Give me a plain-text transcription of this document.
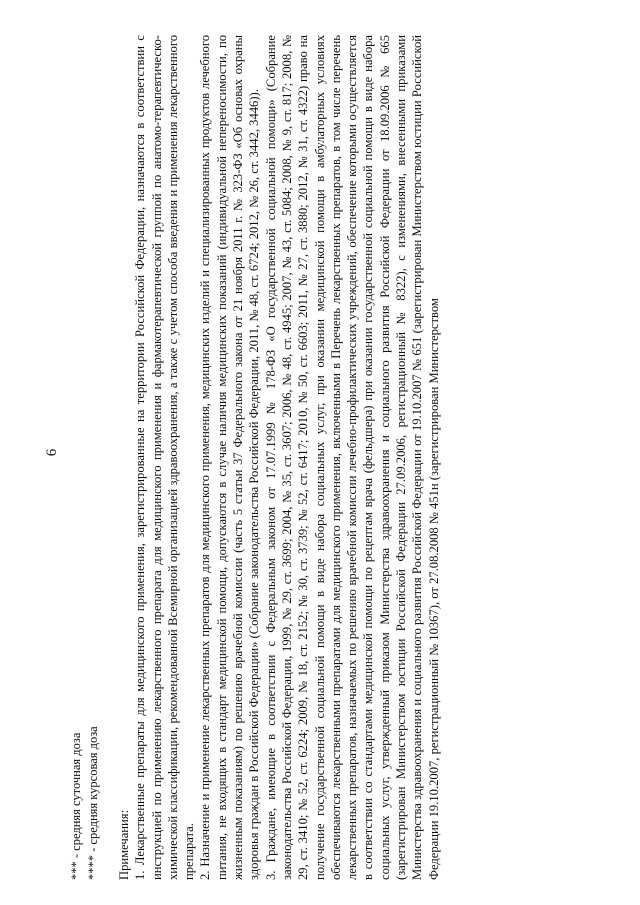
6
*** - средняя суточная доза
**** - средняя курсовая доза Примечания: 1. Лекарственные препараты для медицинского применения, зарегистрированные на территории Российской Федерации, назначаются в соответствии с инструкцией по применению лекарственного препарата для медицинского применения и фармакотерапевтической группой по анатомо-терапевтическо-химической классификации, рекомендованной Всемирной организацией здравоохранения, а также с учетом способа введения и применения лекарственного препарата. 2. Назначение и применение лекарственных препаратов для медицинского применения, медицинских изделий и специализированных продуктов лечебного питания, не входящих в стандарт медицинской помощи, допускаются в случае наличия медицинских показаний (индивидуальной непереносимости, по жизненным показаниям) по решению врачебной комиссии (часть 5 статьи 37 Федерального закона от 21 ноября 2011 г. № 323-ФЗ «Об основах охраны здоровья граждан в Российской Федерации» (Собрание законодательства Российской Федерации, 2011, № 48, ст. 6724; 2012, № 26, ст. 3442, 3446)). 3. Граждане, имеющие в соответствии с Федеральным законом от 17.07.1999 № 178-ФЗ «О государственной социальной помощи» (Собрание законодательства Российской Федерации, 1999, № 29, ст. 3699; 2004, № 35, ст. 3607; 2006, № 48, ст. 4945; 2007, № 43, ст. 5084; 2008, № 9, ст. 817; 2008, № 29, ст. 3410; № 52, ст. 6224; 2009, № 18, ст. 2152; № 30, ст. 3739; № 52, ст. 6417; 2010, № 50, ст. 6603; 2011, № 27, ст. 3880; 2012, № 31, ст. 4322) право на получение государственной социальной помощи в виде набора социальных услуг, при оказании медицинской помощи в амбулаторных условиях обеспечиваются лекарственными препаратами для медицинского применения, включенными в Перечень лекарственных препаратов, в том числе перечень лекарственных препаратов, назначаемых по решению врачебной комиссии лечебно-профилактических учреждений, обеспечение которыми осуществляется в соответствии со стандартами медицинской помощи по рецептам врача (фельдшера) при оказании государственной социальной помощи в виде набора социальных услуг, утвержденный приказом Министерства здравоохранения и социального развития Российской Федерации от 18.09.2006 № 665 (зарегистрирован Министерством юстиции Российской Федерации 27.09.2006, регистрационный № 8322), с изменениями, внесенными приказами Министерства здравоохранения и социального развития Российской Федерации от 19.10.2007 № 651 (зарегистрирован Министерством юстиции Российской Федерации 19.10.2007, регистрационный № 10367), от 27.08.2008 № 451н (зарегистрирован Министерством
